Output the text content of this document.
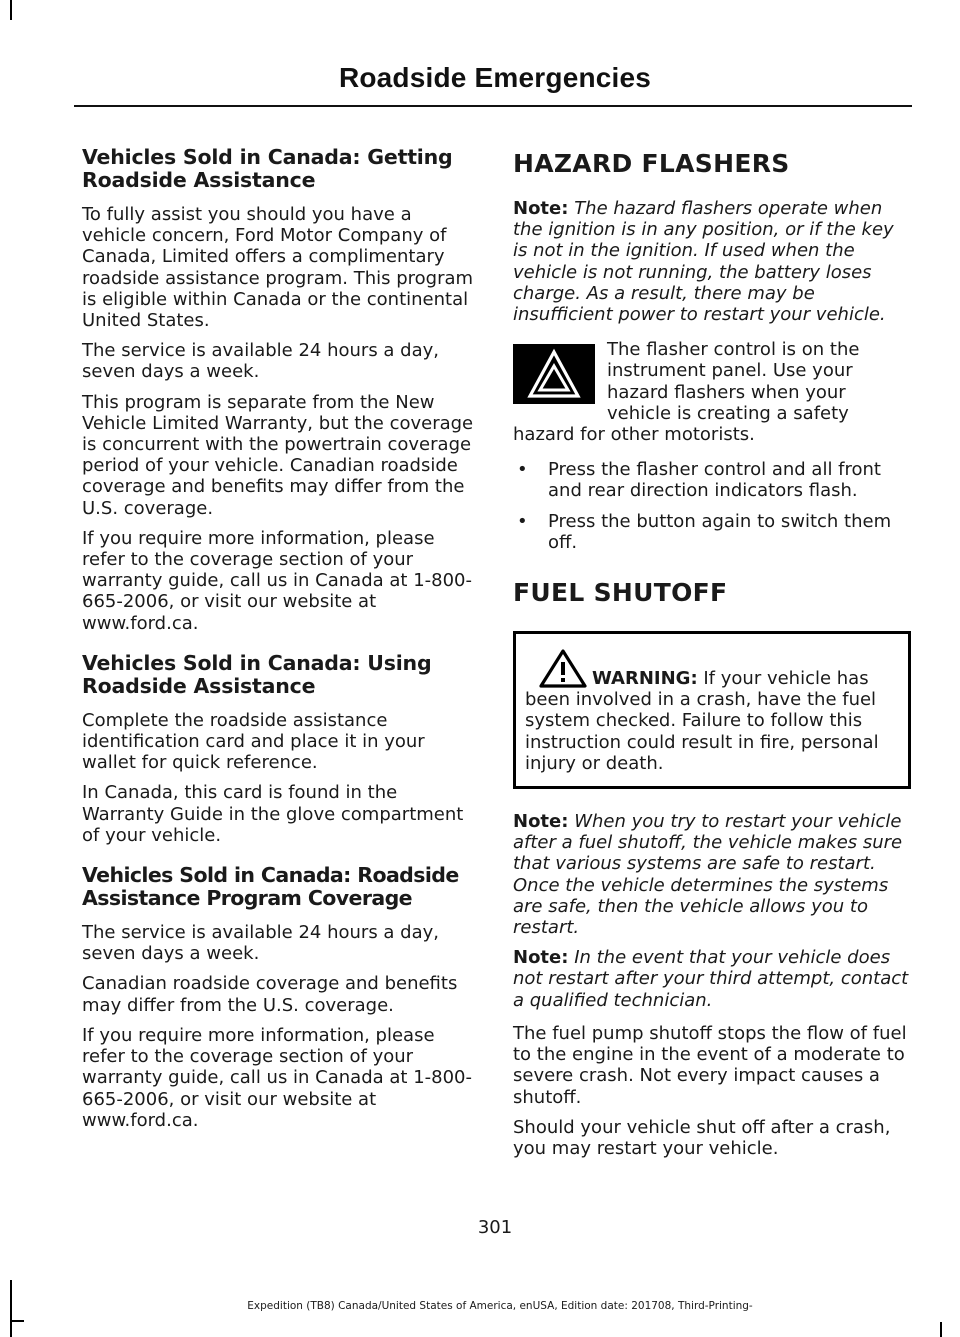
Roadside Emergencies
Vehicles Sold in Canada: Getting Roadside Assistance

To fully assist you should you have a vehicle concern, Ford Motor Company of Canada, Limited offers a complimentary roadside assistance program. This program is eligible within Canada or the continental United States.

The service is available 24 hours a day, seven days a week.

This program is separate from the New Vehicle Limited Warranty, but the coverage is concurrent with the powertrain coverage period of your vehicle. Canadian roadside coverage and benefits may differ from the U.S. coverage.

If you require more information, please refer to the coverage section of your warranty guide, call us in Canada at 1-800-665-2006, or visit our website at www.ford.ca.

Vehicles Sold in Canada: Using Roadside Assistance

Complete the roadside assistance identification card and place it in your wallet for quick reference.

In Canada, this card is found in the Warranty Guide in the glove compartment of your vehicle.

Vehicles Sold in Canada: Roadside Assistance Program Coverage

The service is available 24 hours a day, seven days a week.

Canadian roadside coverage and benefits may differ from the U.S. coverage.

If you require more information, please refer to the coverage section of your warranty guide, call us in Canada at 1-800-665-2006, or visit our website at www.ford.ca.

HAZARD FLASHERS

Note: The hazard flashers operate when the ignition is in any position, or if the key is not in the ignition. If used when the vehicle is not running, the battery loses charge. As a result, there may be insufficient power to restart your vehicle.

The flasher control is on the instrument panel. Use your hazard flashers when your vehicle is creating a safety hazard for other motorists.

• Press the flasher control and all front and rear direction indicators flash.
• Press the button again to switch them off.
FUEL SHUTOFF

WARNING: If your vehicle has been involved in a crash, have the fuel system checked. Failure to follow this instruction could result in fire, personal injury or death.

Note: When you try to restart your vehicle after a fuel shutoff, the vehicle makes sure that various systems are safe to restart. Once the vehicle determines the systems are safe, then the vehicle allows you to restart.

Note: In the event that your vehicle does not restart after your third attempt, contact a qualified technician.

The fuel pump shutoff stops the flow of fuel to the engine in the event of a moderate to severe crash. Not every impact causes a shutoff.

Should your vehicle shut off after a crash, you may restart your vehicle.

301
Expedition (TB8) Canada/United States of America, enUSA, Edition date: 201708, Third-Printing-
